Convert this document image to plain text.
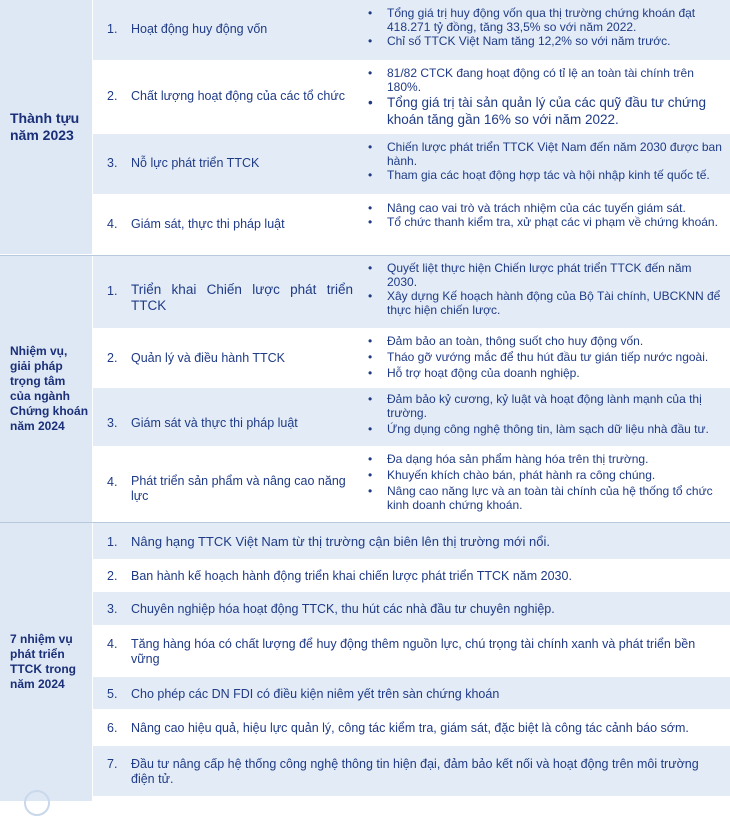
Thành tựu
năm 2023
1. Hoạt động huy động vốn
• Tổng giá trị huy động vốn qua thị trường chứng khoán đạt 418.271 tỷ đồng, tăng 33,5% so với năm 2022.
• Chỉ số TTCK Việt Nam tăng 12,2% so với năm trước.
2. Chất lượng hoạt động của các tổ chức
• 81/82 CTCK đang hoạt động có tỉ lệ an toàn tài chính trên 180%.
• Tổng giá trị tài sản quản lý của các quỹ đầu tư chứng khoán tăng gần 16% so với năm 2022.
3. Nỗ lực phát triển TTCK
• Chiến lược phát triển TTCK Việt Nam đến năm 2030 được ban hành.
• Tham gia các hoạt động hợp tác và hội nhập kinh tế quốc tế.
4. Giám sát, thực thi pháp luật
• Nâng cao vai trò và trách nhiệm của các tuyến giám sát.
• Tổ chức thanh kiểm tra, xử phạt các vi phạm về chứng khoán.
Nhiệm vụ,
giải pháp
trọng tâm
của ngành
Chứng khoán
năm 2024
1. Triển khai Chiến lược phát triển TTCK
• Quyết liệt thực hiện Chiến lược phát triển TTCK đến năm 2030.
• Xây dựng Kế hoạch hành động của Bộ Tài chính, UBCKNN để thực hiện chiến lược.
2. Quản lý và điều hành TTCK
• Đảm bảo an toàn, thông suốt cho huy động vốn.
• Tháo gỡ vướng mắc để thu hút đầu tư gián tiếp nước ngoài.
• Hỗ trợ hoạt động của doanh nghiệp.
3. Giám sát và thực thi pháp luật
• Đảm bảo kỷ cương, kỷ luật và hoạt động lành mạnh của thị trường.
• Ứng dụng công nghệ thông tin, làm sạch dữ liệu nhà đầu tư.
4. Phát triển sản phẩm và nâng cao năng lực
• Đa dạng hóa sản phẩm hàng hóa trên thị trường.
• Khuyến khích chào bán, phát hành ra công chúng.
• Nâng cao năng lực và an toàn tài chính của hệ thống tổ chức kinh doanh chứng khoán.
7 nhiệm vụ
phát triển
TTCK trong
năm 2024
1. Nâng hạng TTCK Việt Nam từ thị trường cận biên lên thị trường mới nổi.
2. Ban hành kế hoạch hành động triển khai chiến lược phát triển TTCK năm 2030.
3. Chuyên nghiệp hóa hoạt động TTCK, thu hút các nhà đầu tư chuyên nghiệp.
4. Tăng hàng hóa có chất lượng để huy động thêm nguồn lực, chú trọng tài chính xanh và phát triển bền vững
5. Cho phép các DN FDI có điều kiện niêm yết trên sàn chứng khoán
6. Nâng cao hiệu quả, hiệu lực quản lý, công tác kiểm tra, giám sát, đặc biệt là công tác cảnh báo sớm.
7. Đầu tư nâng cấp hệ thống công nghệ thông tin hiện đại, đảm bảo kết nối và hoạt động trên môi trường điện tử.
